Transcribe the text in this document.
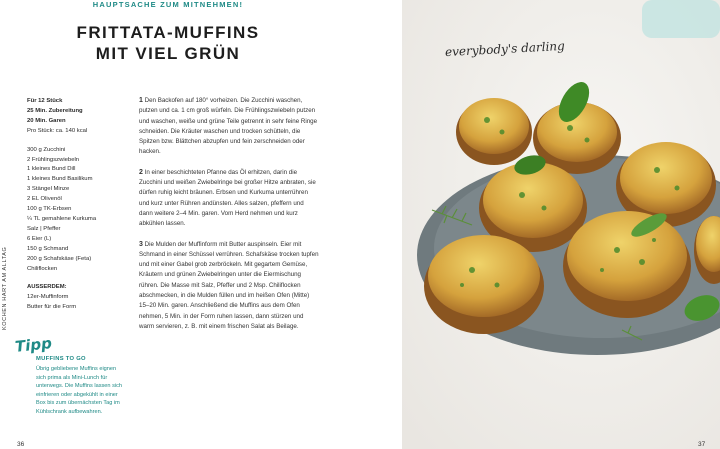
HAUPTSACHE ZUM MITNEHMEN!
FRITTATA-MUFFINS
MIT VIEL GRÜN
KOCHEN HART AM ALLTAG
Für 12 Stück
25 Min. Zubereitung
20 Min. Garen
Pro Stück: ca. 140 kcal
300 g Zucchini
2 Frühlingszwiebeln
1 kleines Bund Dill
1 kleines Bund Basilikum
3 Stängel Minze
2 EL Olivenöl
100 g TK-Erbsen
¼ TL gemahlene Kurkuma
Salz | Pfeffer
6 Eier (L)
150 g Schmand
200 g Schafskäse (Feta)
Chiliflocken
AUSSERDEM:
12er-Muffinform
Butter für die Form

1 Den Backofen auf 180° vorheizen. Die Zucchini waschen, putzen und ca. 1 cm groß würfeln. Die Frühlingszwiebeln putzen und waschen, weiße und grüne Teile getrennt in sehr feine Ringe schneiden. Die Kräuter waschen und trocken schütteln, die Spitzen bzw. Blättchen abzupfen und fein zerschneiden oder hacken.

2 In einer beschichteten Pfanne das Öl erhitzen, darin die Zucchini und weißen Zwiebelringe bei großer Hitze anbraten, sie dürfen ruhig leicht bräunen. Erbsen und Kurkuma unterrühren und kurz unter Rühren andünsten. Alles salzen, pfeffern und dann weitere 2–4 Min. garen. Vom Herd nehmen und kurz abkühlen lassen.

3 Die Mulden der Muffinform mit Butter auspinseln. Eier mit Schmand in einer Schüssel verrühren. Schafskäse trocken tupfen und mit einer Gabel grob zerbröckeln. Mit gegartem Gemüse, Kräutern und grünen Zwiebelringen unter die Eiermischung rühren. Die Masse mit Salz, Pfeffer und 2 Msp. Chiliflocken abschmecken, in die Mulden füllen und im heißen Ofen (Mitte) 15–20 Min. garen. Anschließend die Muffins aus dem Ofen nehmen, 5 Min. in der Form ruhen lassen, dann stürzen und warm servieren, z. B. mit einem frischen Salat als Beilage.

Tipp
MUFFINS TO GO
Übrig gebliebene Muffins eignen sich prima als Mini-Lunch für unterwegs. Die Muffins lassen sich einfrieren oder abgekühlt in einer Box bis zum übernächsten Tag im Kühlschrank aufbewahren.
36
everybody's darling
37
